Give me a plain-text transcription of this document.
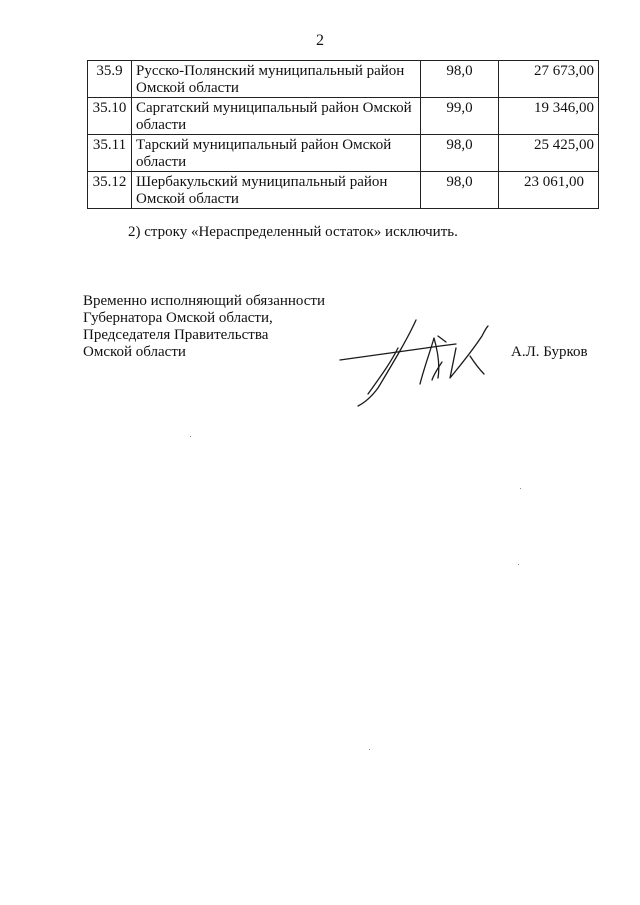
2
35.9	Русско-Полянский муниципальный район Омской области	98,0	27 673,00
35.10	Саргатский муниципальный район Омской области	99,0	19 346,00
35.11	Тарский муниципальный район Омской области	98,0	25 425,00
35.12	Шербакульский муниципальный район Омской области	98,0	23 061,00
2) строку «Нераспределенный остаток» исключить.
Временно исполняющий обязанности
Губернатора Омской области,
Председателя Правительства
Омской области	А.Л. Бурков
